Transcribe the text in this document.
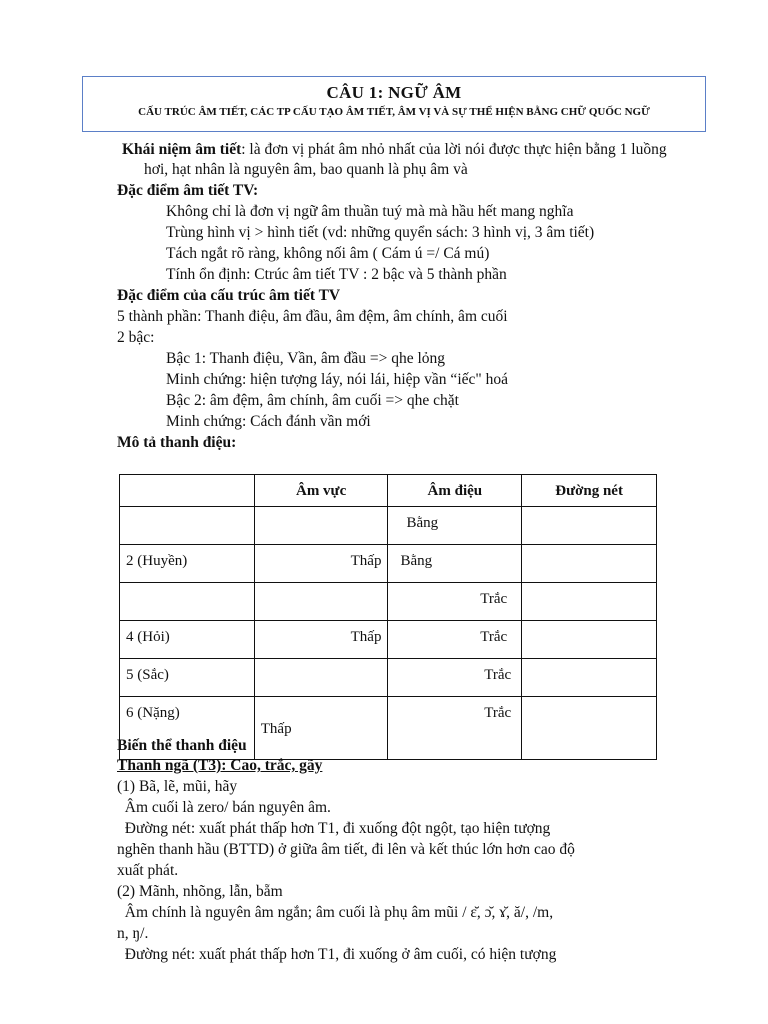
CÂU 1: NGỮ ÂM
CẤU TRÚC ÂM TIẾT, CÁC TP CẤU TẠO ÂM TIẾT, ÂM VỊ VÀ SỰ THỂ HIỆN BẰNG CHỮ QUỐC NGỮ
Khái niệm âm tiết: là đơn vị phát âm nhỏ nhất của lời nói được thực hiện bằng 1 luồng
hơi, hạt nhân là nguyên âm, bao quanh là phụ âm và
Đặc điểm âm tiết TV:
Không chỉ là đơn vị ngữ âm thuần tuý mà mà hầu hết mang nghĩa
Trùng hình vị > hình tiết (vd: những quyển sách: 3 hình vị, 3 âm tiết)
Tách ngắt rõ ràng, không nối âm ( Cám ú =/ Cá mú)
Tính ổn định: Ctrúc âm tiết TV : 2 bậc và 5 thành phần
Đặc điểm của cấu trúc âm tiết TV
5 thành phần: Thanh điệu, âm đầu, âm đệm, âm chính, âm cuối
2 bậc:
Bậc 1: Thanh điệu, Vần, âm đầu => qhe lỏng
Minh chứng: hiện tượng láy, nói lái, hiệp vần “iếc" hoá
Bậc 2: âm đệm, âm chính, âm cuối => qhe chặt
Minh chứng: Cách đánh vần mới
Mô tả thanh điệu:
	Âm vực	Âm điệu	Đường nét
		Bằng	
2 (Huyền)	Thấp	Bằng	
		Trắc	
4 (Hỏi)	Thấp	Trắc	
5 (Sắc)		Trắc	
6 (Nặng)	Thấp	Trắc	
Biến thể thanh điệu
Thanh ngã (T3): Cao, trắc, gãy
(1) Bã, lẽ, mũi, hãy
Âm cuối là zero/ bán nguyên âm.
Đường nét: xuất phát thấp hơn T1, đi xuống đột ngột, tạo hiện tượng
nghẽn thanh hầu (BTTD) ở giữa âm tiết, đi lên và kết thúc lớn hơn cao độ
xuất phát.
(2) Mãnh, nhõng, lẫn, bẵm
Âm chính là nguyên âm ngắn; âm cuối là phụ âm mũi / ɛ̆, ɔ̆, ɤ̆, ă/, /m,
n, ŋ/.
Đường nét: xuất phát thấp hơn T1, đi xuống ở âm cuối, có hiện tượng
